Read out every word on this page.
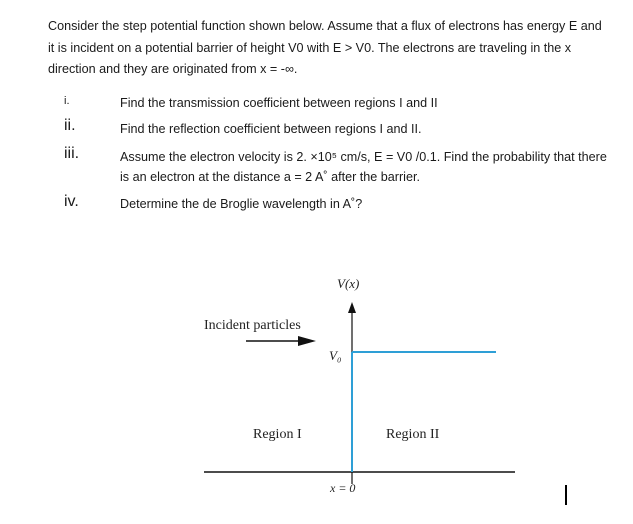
Consider the step potential function shown below. Assume that a flux of electrons has energy E and it is incident on a potential barrier of height V0 with E > V0. The electrons are traveling in the x direction and they are originated from x = -∞.
i.	Find the transmission coefficient between regions I and II
ii.	Find the reflection coefficient between regions I and II.
iii.	Assume the electron velocity is 2. ×10⁵ cm/s, E = V0 /0.1. Find the probability that there is an electron at the distance a = 2 A˚ after the barrier.
iv.	Determine the de Broglie wavelength in A˚?
V(x)
Incident particles
V₀
Region I	Region II
x = 0
